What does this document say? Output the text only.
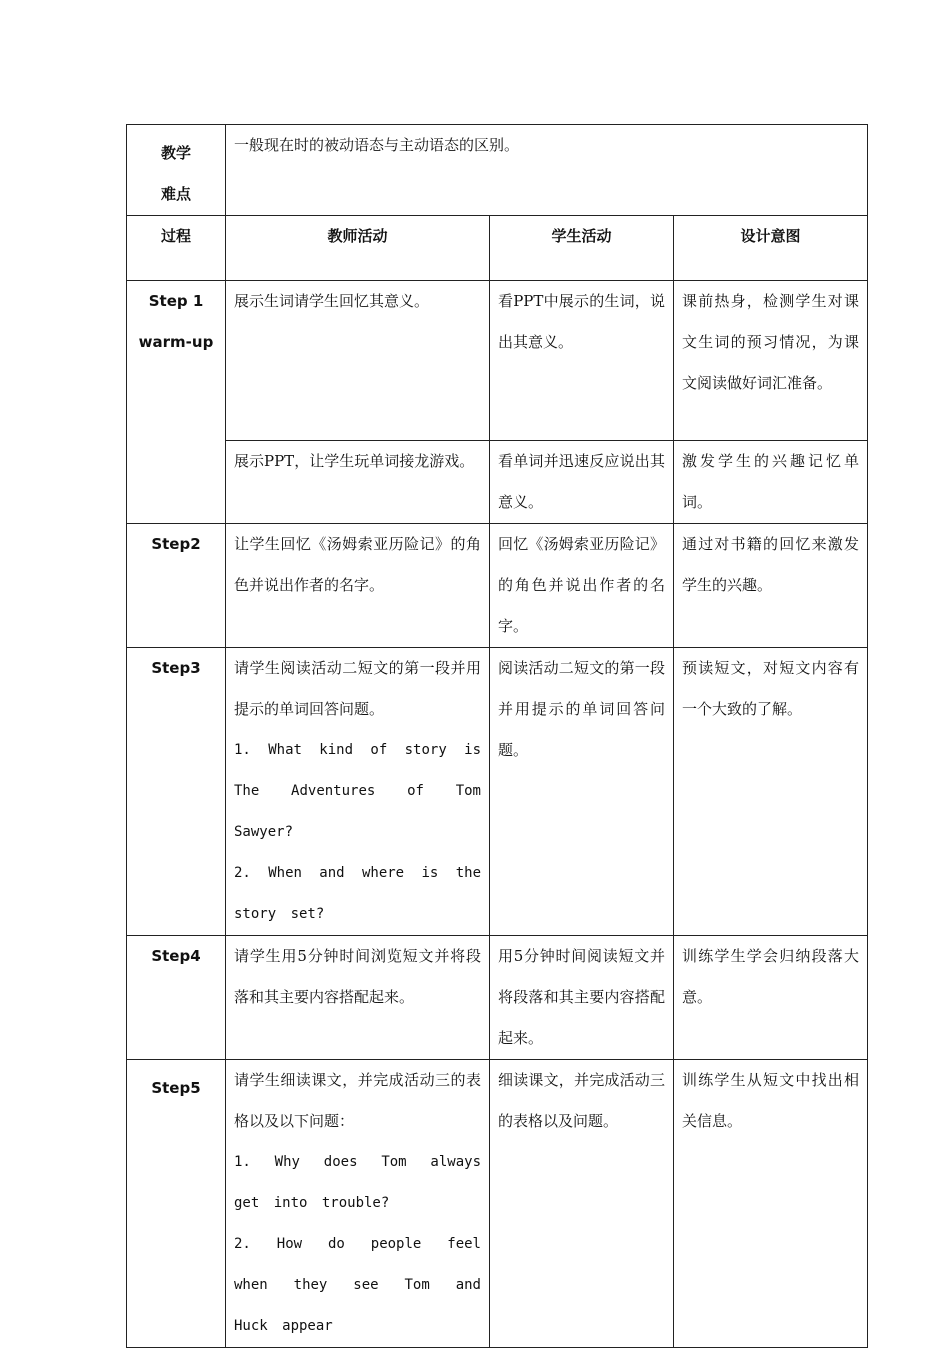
教学
难点	一般现在时的被动语态与主动语态的区别。		
过程	教师活动	学生活动	设计意图

Step 1
warm-up	展示生词请学生回忆其意义。	看PPT中展示的生词，说出其意义。	课前热身，检测学生对课文生词的预习情况，为课文阅读做好词汇准备。
	展示PPT，让学生玩单词接龙游戏。	看单词并迅速反应说出其意义。	激发学生的兴趣记忆单词。
Step2	让学生回忆《汤姆索亚历险记》的角色并说出作者的名字。	回忆《汤姆索亚历险记》的角色并说出作者的名字。	通过对书籍的回忆来激发学生的兴趣。
Step3	请学生阅读活动二短文的第一段并用提示的单词回答问题。
1. What kind of story is The Adventures of Tom Sawyer?
2. When and where is the story set?	阅读活动二短文的第一段并用提示的单词回答问题。	预读短文，对短文内容有一个大致的了解。
Step4	请学生用5分钟时间浏览短文并将段落和其主要内容搭配起来。	用5分钟时间阅读短文并将段落和其主要内容搭配起来。	训练学生学会归纳段落大意。
Step5	请学生细读课文，并完成活动三的表格以及以下问题：
1. Why does Tom always get into trouble?
2. How do people feel when they see Tom and Huck appear	细读课文，并完成活动三的表格以及问题。	训练学生从短文中找出相关信息。
